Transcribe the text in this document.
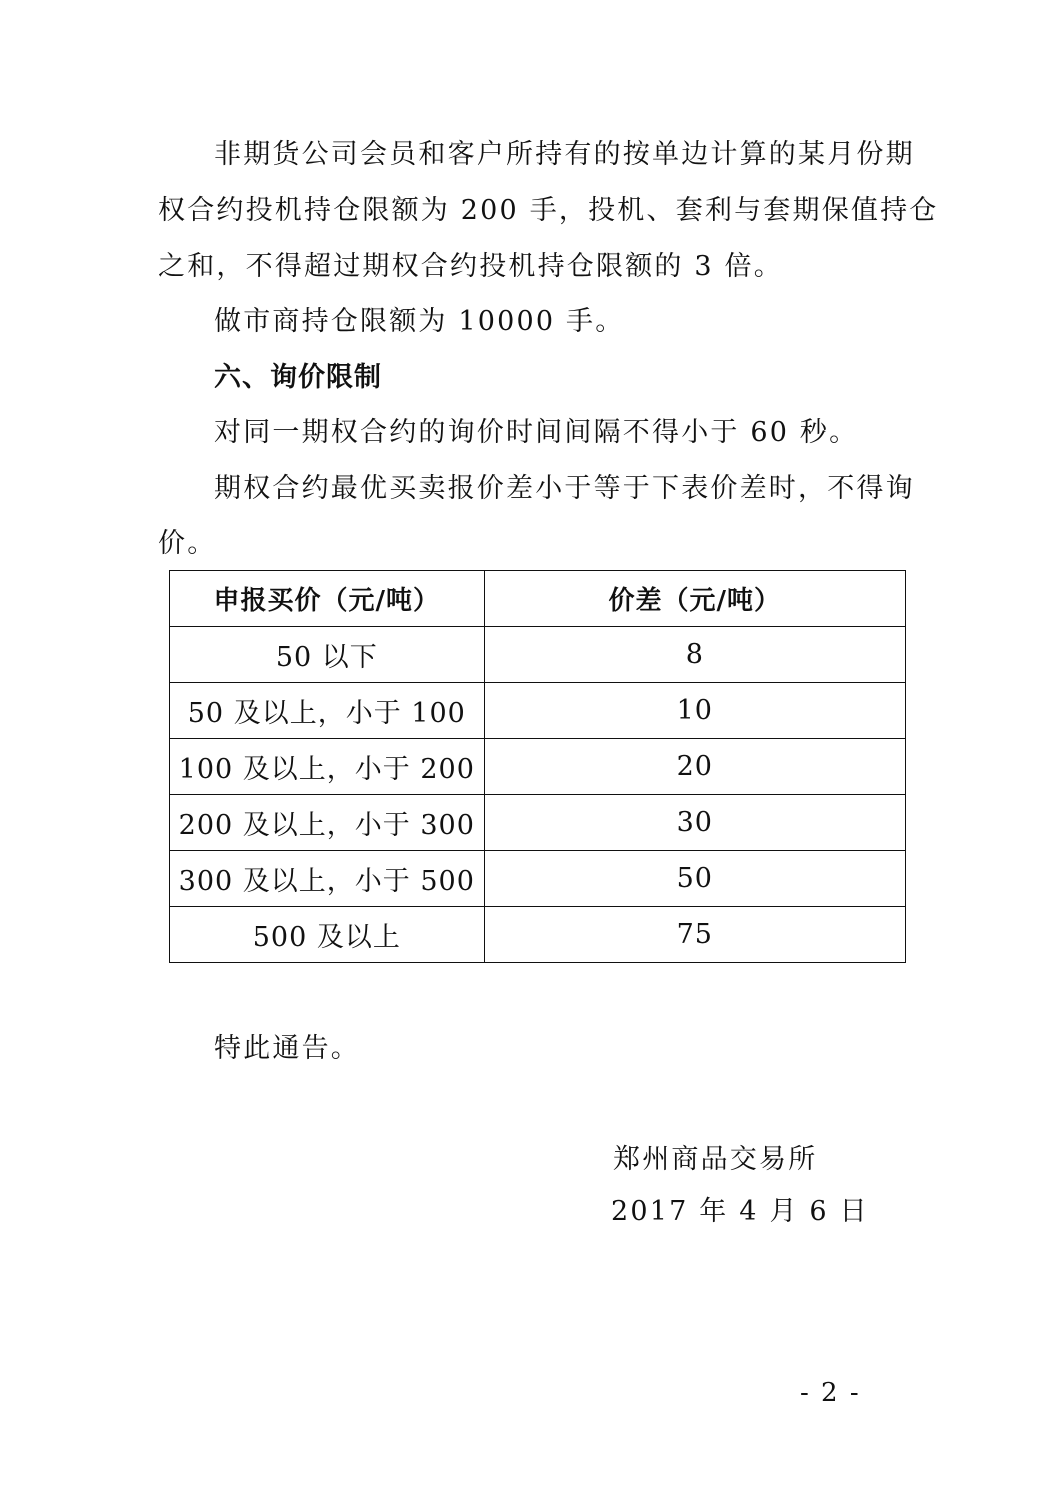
非期货公司会员和客户所持有的按单边计算的某月份期
权合约投机持仓限额为 200 手，投机、套利与套期保值持仓
之和，不得超过期权合约投机持仓限额的 3 倍。
做市商持仓限额为 10000 手。
六、询价限制
对同一期权合约的询价时间间隔不得小于 60 秒。
期权合约最优买卖报价差小于等于下表价差时，不得询
价。
申报买价（元/吨）	价差（元/吨）
50 以下	8
50 及以上，小于 100	10
100 及以上，小于 200	20
200 及以上，小于 300	30
300 及以上，小于 500	50
500 及以上	75
特此通告。
郑州商品交易所
2017 年 4 月 6 日
- 2 -
